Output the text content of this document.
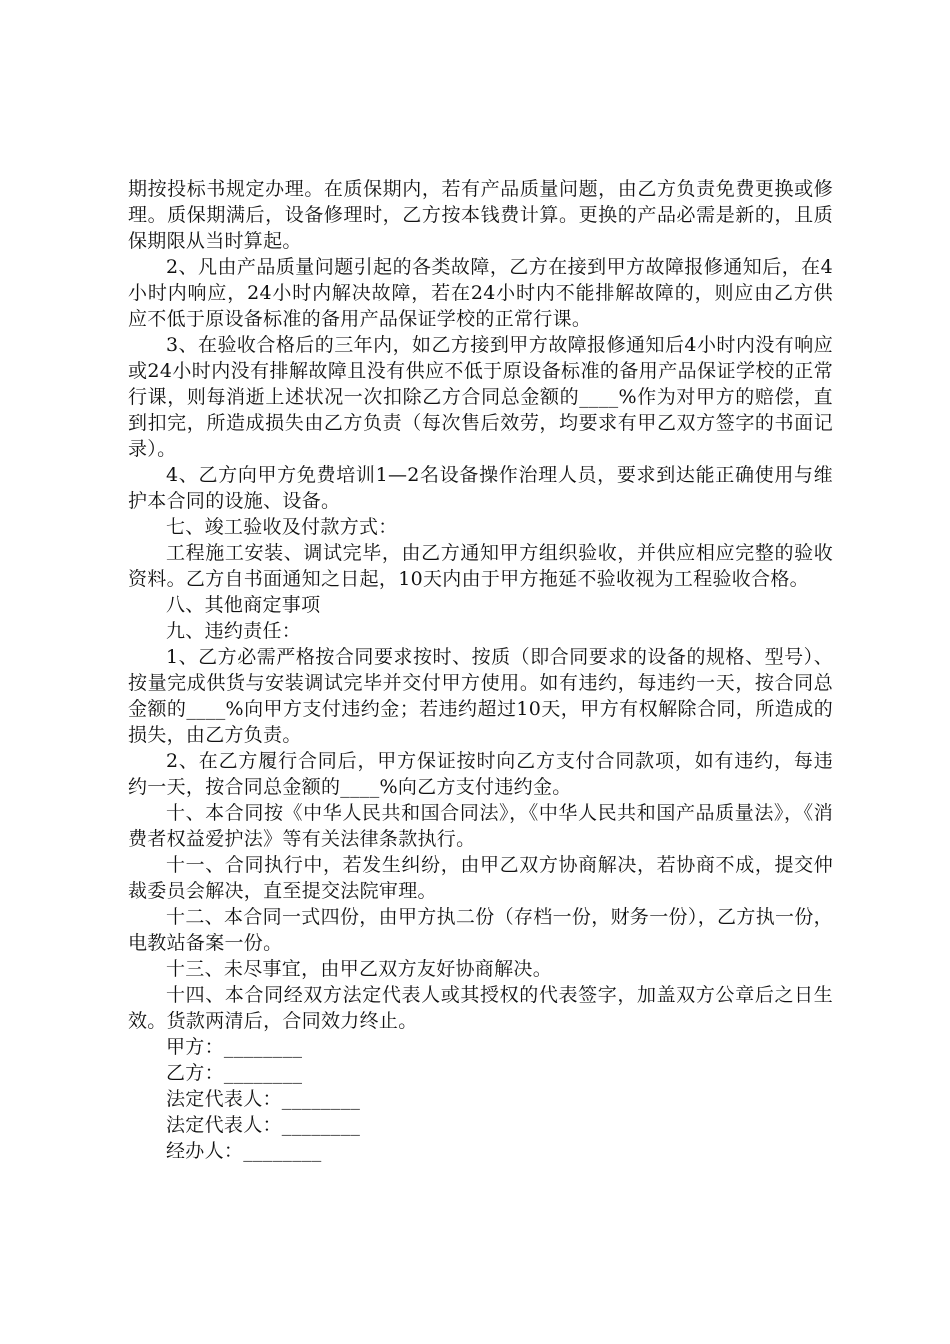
期按投标书规定办理。在质保期内，若有产品质量问题，由乙方负责免费更换或修理。质保期满后，设备修理时，乙方按本钱费计算。更换的产品必需是新的，且质保期限从当时算起。

2、凡由产品质量问题引起的各类故障，乙方在接到甲方故障报修通知后，在4小时内响应，24小时内解决故障，若在24小时内不能排解故障的，则应由乙方供应不低于原设备标准的备用产品保证学校的正常行课。

3、在验收合格后的三年内，如乙方接到甲方故障报修通知后4小时内没有响应或24小时内没有排解故障且没有供应不低于原设备标准的备用产品保证学校的正常行课，则每消逝上述状况一次扣除乙方合同总金额的____%作为对甲方的赔偿，直到扣完，所造成损失由乙方负责（每次售后效劳，均要求有甲乙双方签字的书面记录）。

4、乙方向甲方免费培训1—2名设备操作治理人员，要求到达能正确使用与维护本合同的设施、设备。

七、竣工验收及付款方式：

工程施工安装、调试完毕，由乙方通知甲方组织验收，并供应相应完整的验收资料。乙方自书面通知之日起，10天内由于甲方拖延不验收视为工程验收合格。

八、其他商定事项

九、违约责任：

1、乙方必需严格按合同要求按时、按质（即合同要求的设备的规格、型号）、按量完成供货与安装调试完毕并交付甲方使用。如有违约，每违约一天，按合同总金额的____%向甲方支付违约金；若违约超过10天，甲方有权解除合同，所造成的损失，由乙方负责。

2、在乙方履行合同后，甲方保证按时向乙方支付合同款项，如有违约，每违约一天，按合同总金额的____%向乙方支付违约金。

十、本合同按《中华人民共和国合同法》，《中华人民共和国产品质量法》，《消费者权益爱护法》等有关法律条款执行。

十一、合同执行中，若发生纠纷，由甲乙双方协商解决，若协商不成，提交仲裁委员会解决，直至提交法院审理。

十二、本合同一式四份，由甲方执二份（存档一份，财务一份），乙方执一份，电教站备案一份。

十三、未尽事宜，由甲乙双方友好协商解决。

十四、本合同经双方法定代表人或其授权的代表签字，加盖双方公章后之日生效。货款两清后，合同效力终止。

甲方：________

乙方：________

法定代表人：________

法定代表人：________

经办人：________
